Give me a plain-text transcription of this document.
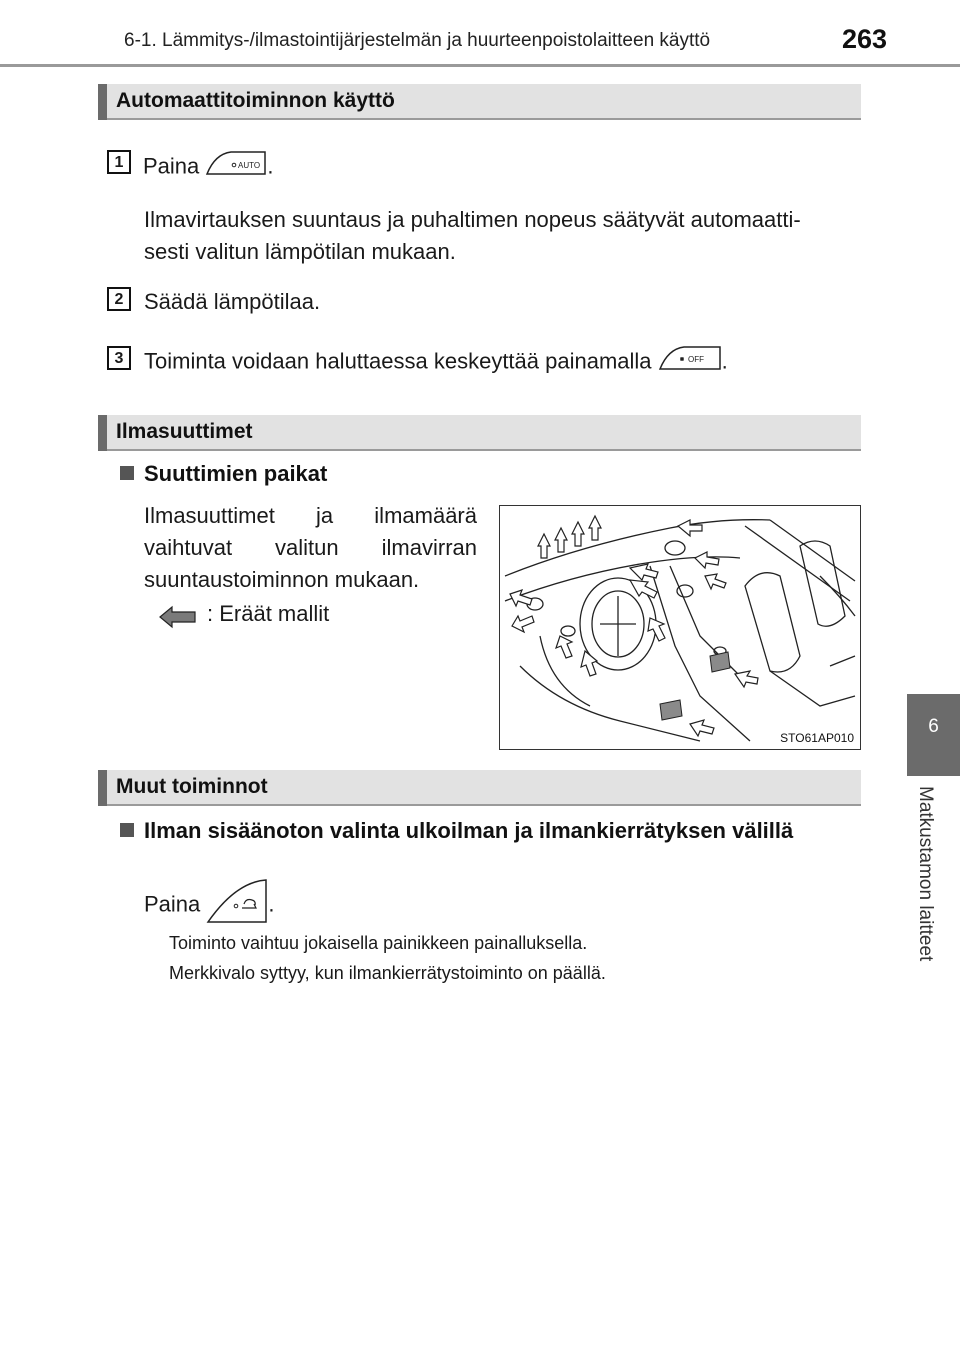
6-1. Lämmitys-/ilmastointijärjestelmän ja huurteenpoistolaitteen käyttö	263
6
Matkustamon laitteet
Automaattitoiminnon käyttö
1 Paina	AUTO .
Ilmavirtauksen suuntaus ja puhaltimen nopeus säätyvät automaatti-
sesti valitun lämpötilan mukaan.
2 Säädä lämpötilaa.
3 Toiminta voidaan haluttaessa keskeyttää painamalla	OFF .
Ilmasuuttimet
Suuttimien paikat
Ilmasuuttimet ja ilmamäärä
vaihtuvat valitun ilmavirran
suuntaustoiminnon mukaan.
: Eräät mallit
STO61AP010
Muut toiminnot
Ilman sisäänoton valinta ulkoilman ja ilmankierrätyksen välillä
Paina	.
Toiminto vaihtuu jokaisella painikkeen painalluksella.
Merkkivalo syttyy, kun ilmankierrätystoiminto on päällä.
